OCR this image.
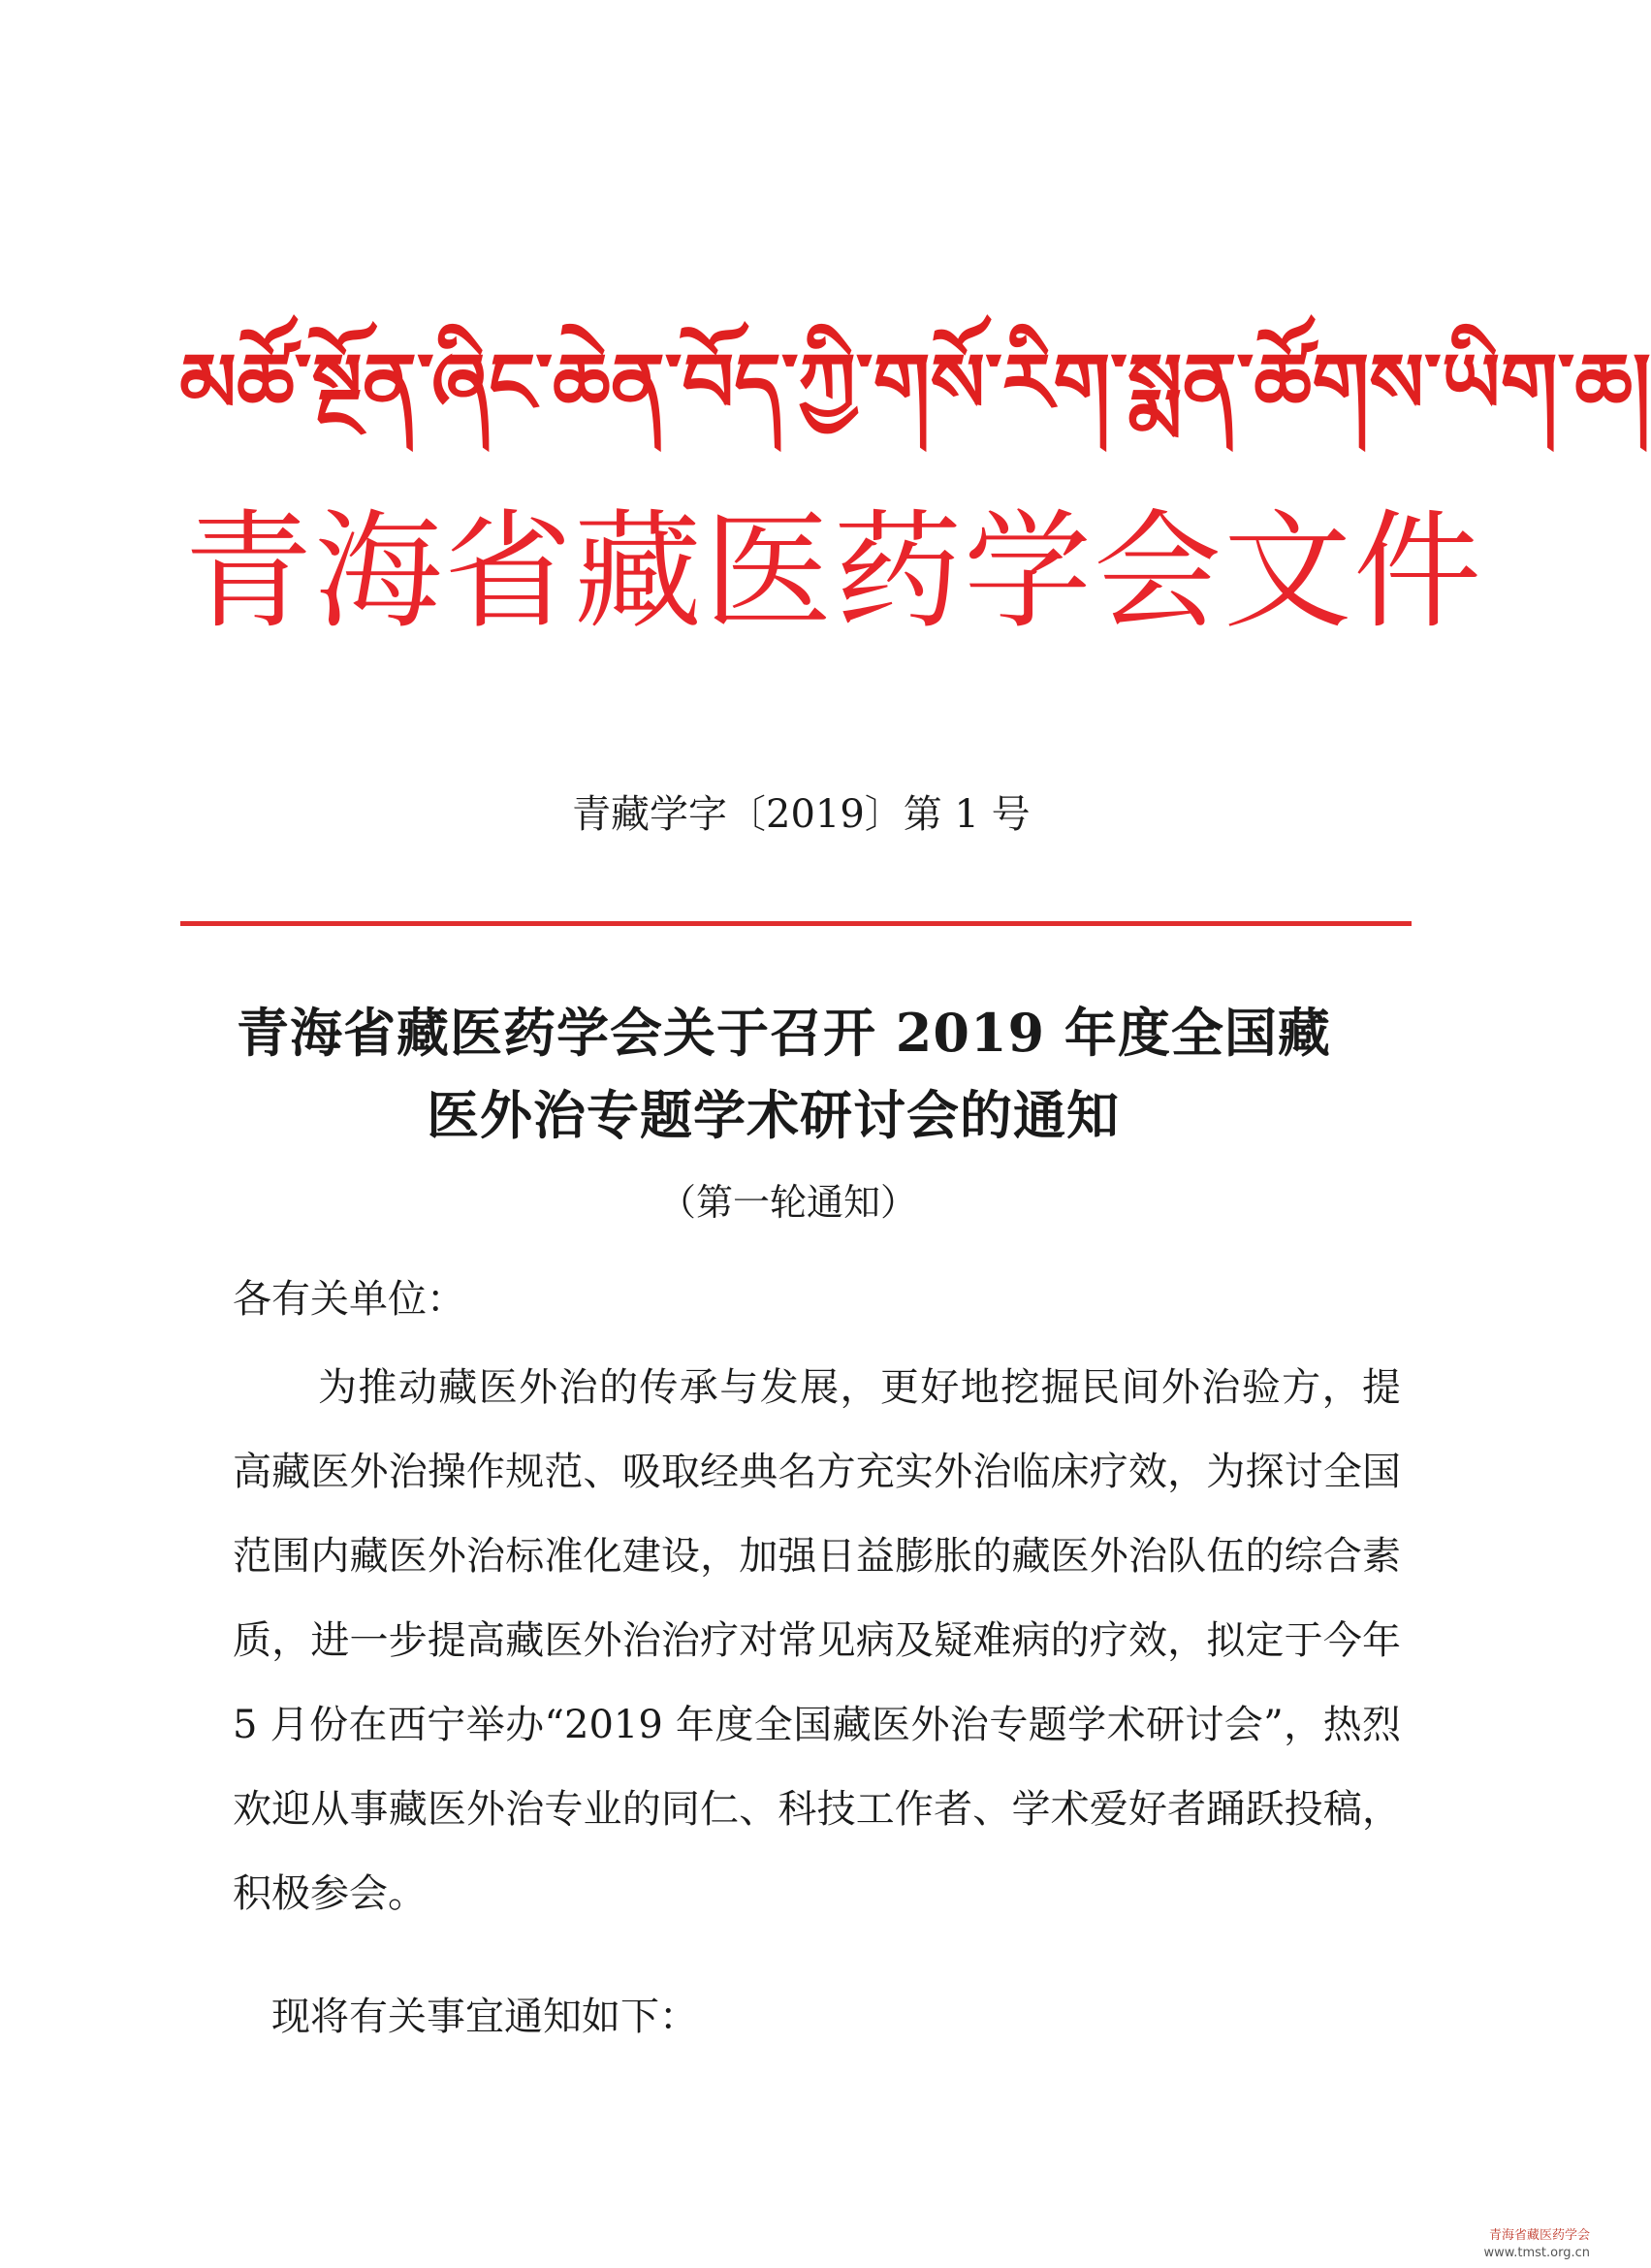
མཚོ་སྔོན་ཞིང་ཆེན་བོད་ཀྱི་གསོ་རིག་སྨན་ཚོགས་ཡིག་ཆ།
青海省藏医药学会文件
青藏学字〔2019〕第 1 号
青海省藏医药学会关于召开 2019 年度全国藏
医外治专题学术研讨会的通知
（第一轮通知）
各有关单位：
为推动藏医外治的传承与发展，更好地挖掘民间外治验方，提高藏医外治操作规范、吸取经典名方充实外治临床疗效，为探讨全国范围内藏医外治标准化建设，加强日益膨胀的藏医外治队伍的综合素质，进一步提高藏医外治治疗对常见病及疑难病的疗效，拟定于今年 5 月份在西宁举办“2019 年度全国藏医外治专题学术研讨会”，热烈欢迎从事藏医外治专业的同仁、科技工作者、学术爱好者踊跃投稿，积极参会。
现将有关事宜通知如下：
青海省藏医药学会
www.tmst.org.cn
